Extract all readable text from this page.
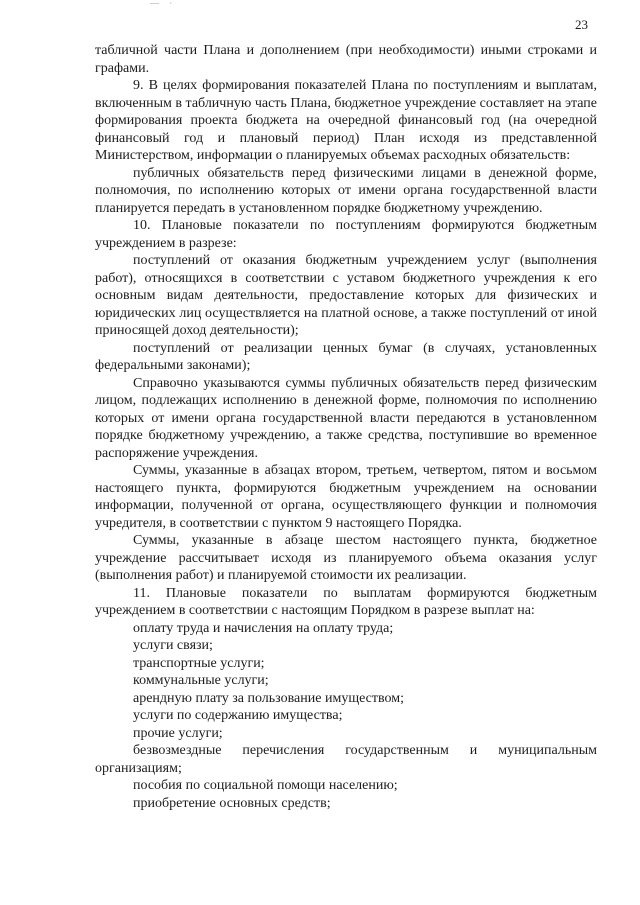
— ·
23

табличной части Плана и дополнением (при необходимости) иными строками и графами.

9. В целях формирования показателей Плана по поступлениям и выплатам, включенным в табличную часть Плана, бюджетное учреждение составляет на этапе формирования проекта бюджета на очередной финансовый год (на очередной финансовый год и плановый период) План исходя из представленной Министерством, информации о планируемых объемах расходных обязательств:

публичных обязательств перед физическими лицами в денежной форме, полномочия, по исполнению которых от имени органа государственной власти планируется передать в установленном порядке бюджетному учреждению.

10. Плановые показатели по поступлениям формируются бюджетным учреждением в разрезе:

поступлений от оказания бюджетным учреждением услуг (выполнения работ), относящихся в соответствии с уставом бюджетного учреждения к его основным видам деятельности, предоставление которых для физических и юридических лиц осуществляется на платной основе, а также поступлений от иной приносящей доход деятельности);

поступлений от реализации ценных бумаг (в случаях, установленных федеральными законами);

Справочно указываются суммы публичных обязательств перед физическим лицом, подлежащих исполнению в денежной форме, полномочия по исполнению которых от имени органа государственной власти передаются в установленном порядке бюджетному учреждению, а также средства, поступившие во временное распоряжение учреждения.

Суммы, указанные в абзацах втором, третьем, четвертом, пятом и восьмом настоящего пункта, формируются бюджетным учреждением на основании информации, полученной от органа, осуществляющего функции и полномочия учредителя, в соответствии с пунктом 9 настоящего Порядка.

Суммы, указанные в абзаце шестом настоящего пункта, бюджетное учреждение рассчитывает исходя из планируемого объема оказания услуг (выполнения работ) и планируемой стоимости их реализации.

11. Плановые показатели по выплатам формируются бюджетным учреждением в соответствии с настоящим Порядком в разрезе выплат на:

оплату труда и начисления на оплату труда;

услуги связи;

транспортные услуги;

коммунальные услуги;

арендную плату за пользование имуществом;

услуги по содержанию имущества;

прочие услуги;

безвозмездные перечисления государственным и муниципальным организациям;

пособия по социальной помощи населению;

приобретение основных средств;
